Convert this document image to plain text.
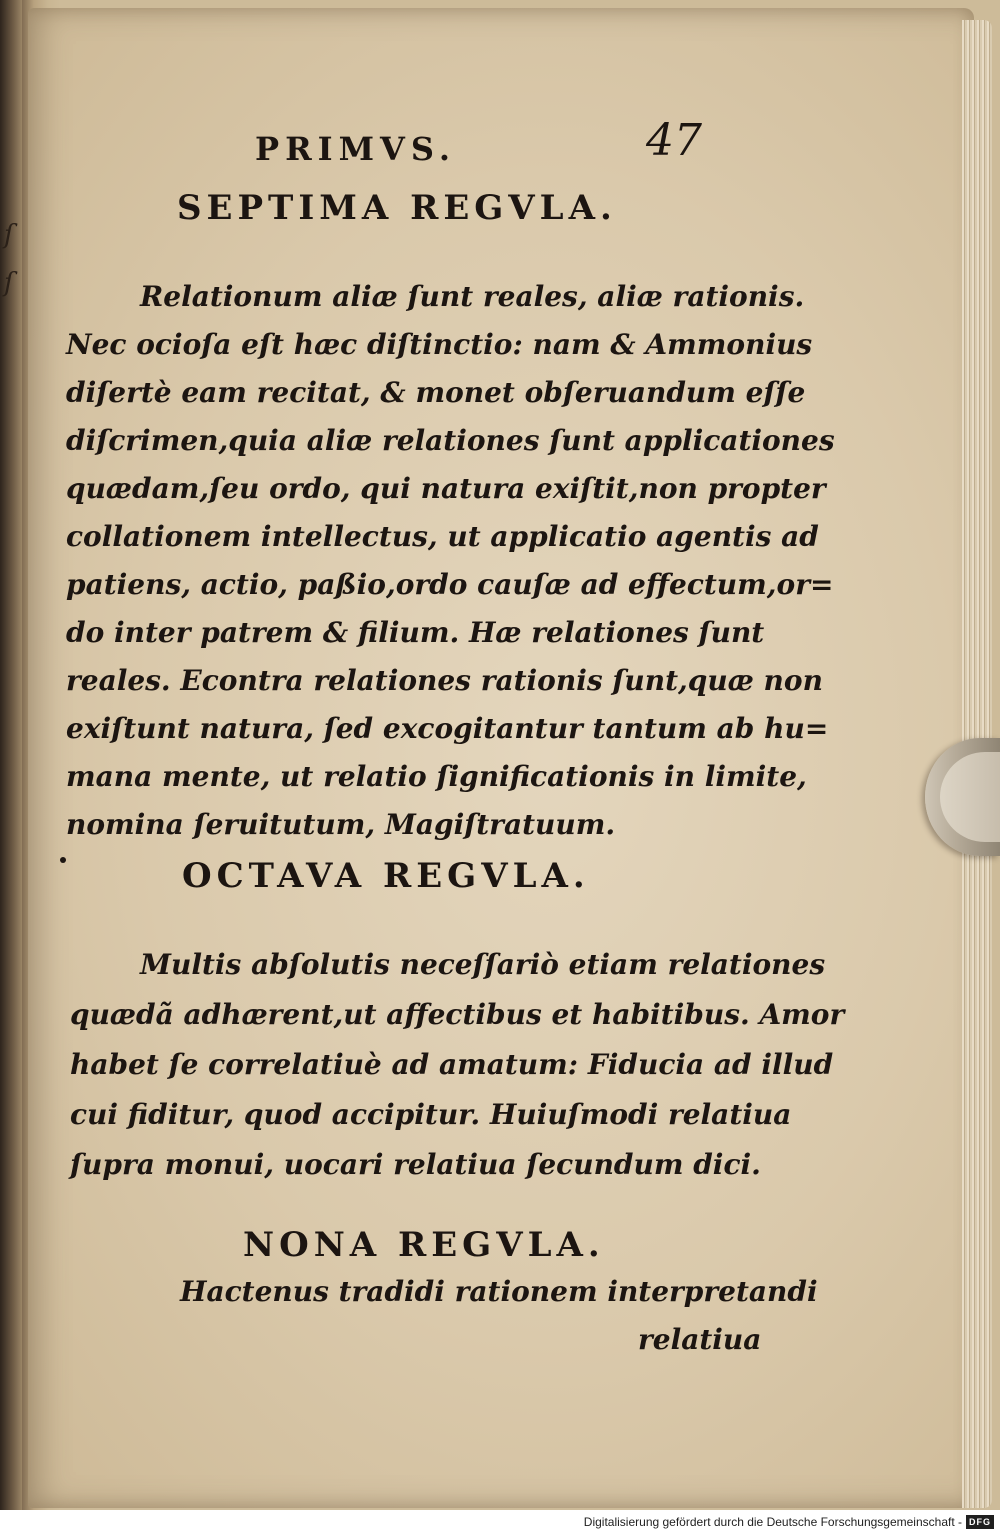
ſ
ſ
PRIMVS.	47
SEPTIMA REGVLA.
Relationum aliæ ſunt reales, aliæ rationis.
Nec ocioſa eſt hæc diſtinctio: nam & Ammonius
diſertè eam recitat, & monet obſeruandum eſſe
diſcrimen,quia aliæ relationes ſunt applicationes
quædam,ſeu ordo, qui natura exiſtit,non propter
collationem intellectus, ut applicatio agentis ad
patiens, actio, paßio,ordo cauſæ ad effectum,or=
do inter patrem & filium. Hæ relationes ſunt
reales. Econtra relationes rationis ſunt,quæ non
exiſtunt natura, ſed excogitantur tantum ab hu=
mana mente, ut relatio ſignificationis in limite,
nomina ſeruitutum, Magiſtratuum.
OCTAVA REGVLA.
Multis abſolutis neceſſariò etiam relationes
quædã adhærent,ut affectibus et habitibus. Amor
habet ſe correlatiuè ad amatum: Fiducia ad illud
cui fiditur, quod accipitur. Huiuſmodi relatiua
ſupra monui, uocari relatiua ſecundum dici.
NONA REGVLA.
Hactenus tradidi rationem interpretandi
relatiua
Digitalisierung gefördert durch die Deutsche Forschungsgemeinschaft - DFG
